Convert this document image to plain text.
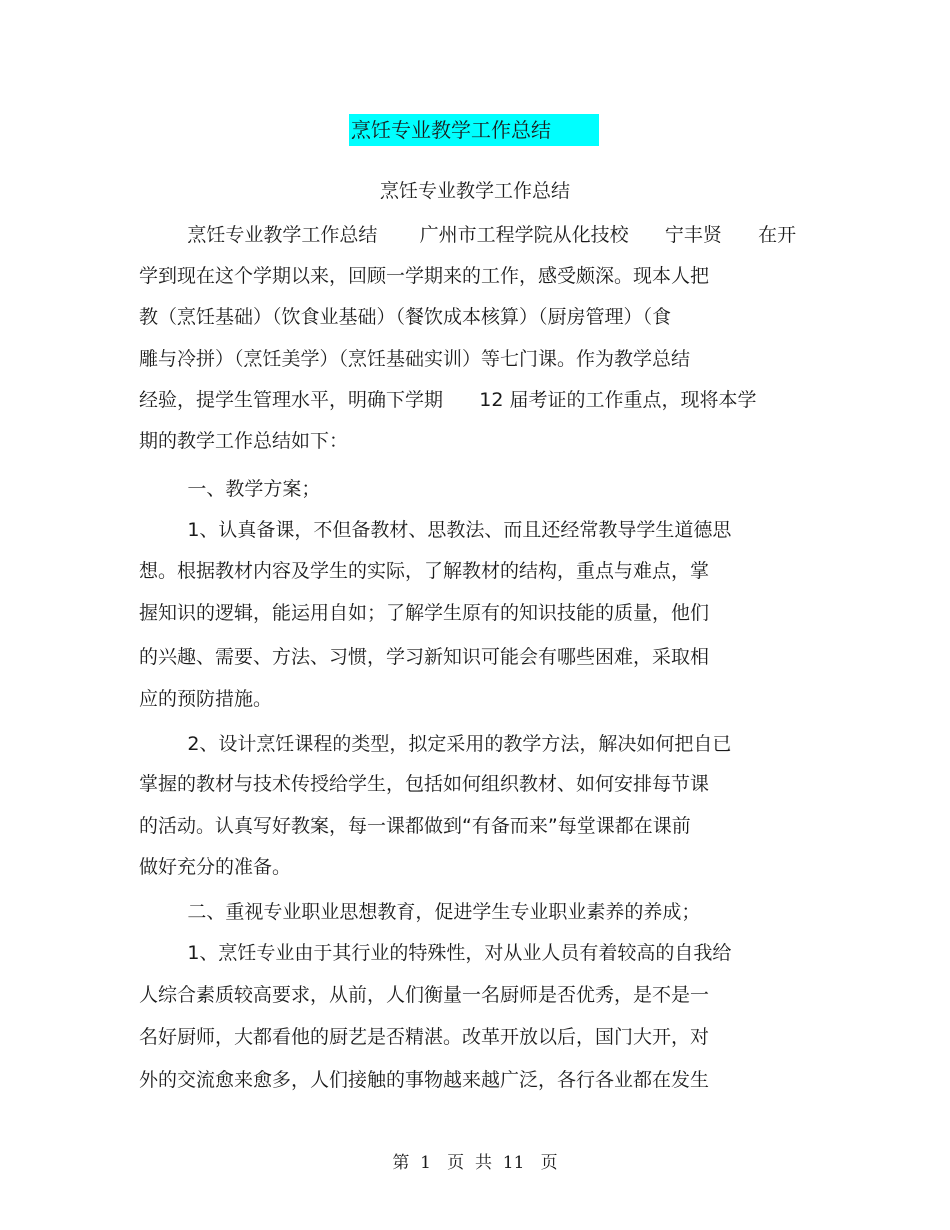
烹饪专业教学工作总结
烹饪专业教学工作总结
烹饪专业教学工作总结       广州市工程学院从化技校      宁丰贤      在开
学到现在这个学期以来，回顾一学期来的工作，感受颇深。现本人把
教（烹饪基础）（饮食业基础）（餐饮成本核算）（厨房管理）（食
雕与冷拼）（烹饪美学）（烹饪基础实训）等七门课。作为教学总结
经验，提学生管理水平，明确下学期      12 届考证的工作重点，现将本学
期的教学工作总结如下：
一、教学方案；
1、认真备课，不但备教材、思教法、而且还经常教导学生道德思
想。根据教材内容及学生的实际，了解教材的结构，重点与难点，掌
握知识的逻辑，能运用自如；了解学生原有的知识技能的质量，他们
的兴趣、需要、方法、习惯，学习新知识可能会有哪些困难，采取相
应的预防措施。
2、设计烹饪课程的类型，拟定采用的教学方法，解决如何把自已
掌握的教材与技术传授给学生，包括如何组织教材、如何安排每节课
的活动。认真写好教案，每一课都做到“有备而来”每堂课都在课前
做好充分的准备。
二、重视专业职业思想教育，促进学生专业职业素养的养成；
1、烹饪专业由于其行业的特殊性，对从业人员有着较高的自我给
人综合素质较高要求，从前，人们衡量一名厨师是否优秀，是不是一
名好厨师，大都看他的厨艺是否精湛。改革开放以后，国门大开，对
外的交流愈来愈多，人们接触的事物越来越广泛，各行各业都在发生
第  1   页  共  11   页
